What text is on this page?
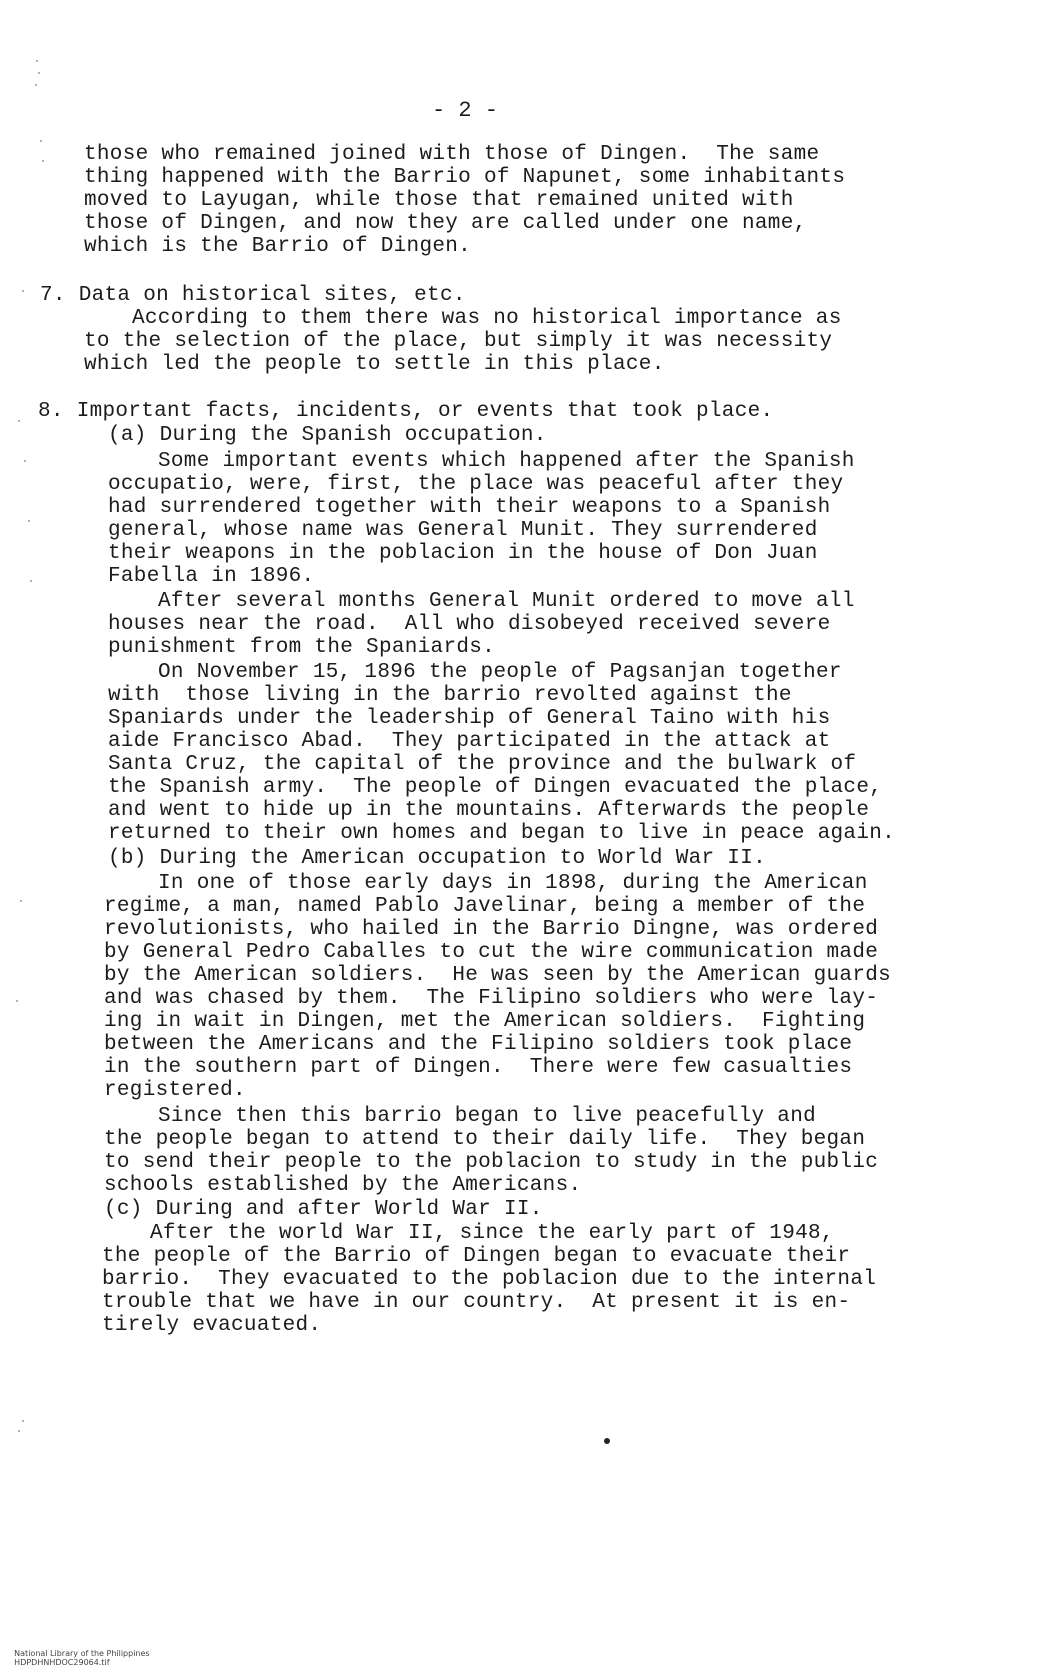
- 2 -
those who remained joined with those of Dingen.  The same
thing happened with the Barrio of Napunet, some inhabitants
moved to Layugan, while those that remained united with
those of Dingen, and now they are called under one name,
which is the Barrio of Dingen.
7. Data on historical sites, etc.
According to them there was no historical importance as
to the selection of the place, but simply it was necessity
which led the people to settle in this place.
8. Important facts, incidents, or events that took place.
(a) During the Spanish occupation.
Some important events which happened after the Spanish
occupatio, were, first, the place was peaceful after they
had surrendered together with their weapons to a Spanish
general, whose name was General Munit. They surrendered
their weapons in the poblacion in the house of Don Juan
Fabella in 1896.
After several months General Munit ordered to move all
houses near the road.  All who disobeyed received severe
punishment from the Spaniards.
On November 15, 1896 the people of Pagsanjan together
with  those living in the barrio revolted against the
Spaniards under the leadership of General Taino with his
aide Francisco Abad.  They participated in the attack at
Santa Cruz, the capital of the province and the bulwark of
the Spanish army.  The people of Dingen evacuated the place,
and went to hide up in the mountains. Afterwards the people
returned to their own homes and began to live in peace again.
(b) During the American occupation to World War II.
In one of those early days in 1898, during the American
regime, a man, named Pablo Javelinar, being a member of the
revolutionists, who hailed in the Barrio Dingne, was ordered
by General Pedro Caballes to cut the wire communication made
by the American soldiers.  He was seen by the American guards
and was chased by them.  The Filipino soldiers who were lay-
ing in wait in Dingen, met the American soldiers.  Fighting
between the Americans and the Filipino soldiers took place
in the southern part of Dingen.  There were few casualties
registered.
Since then this barrio began to live peacefully and
the people began to attend to their daily life.  They began
to send their people to the poblacion to study in the public
schools established by the Americans.
(c) During and after World War II.
After the world War II, since the early part of 1948,
the people of the Barrio of Dingen began to evacuate their
barrio.  They evacuated to the poblacion due to the internal
trouble that we have in our country.  At present it is en-
tirely evacuated.

National Library of the Philippines
HDPDHNHDOC29064.tif
